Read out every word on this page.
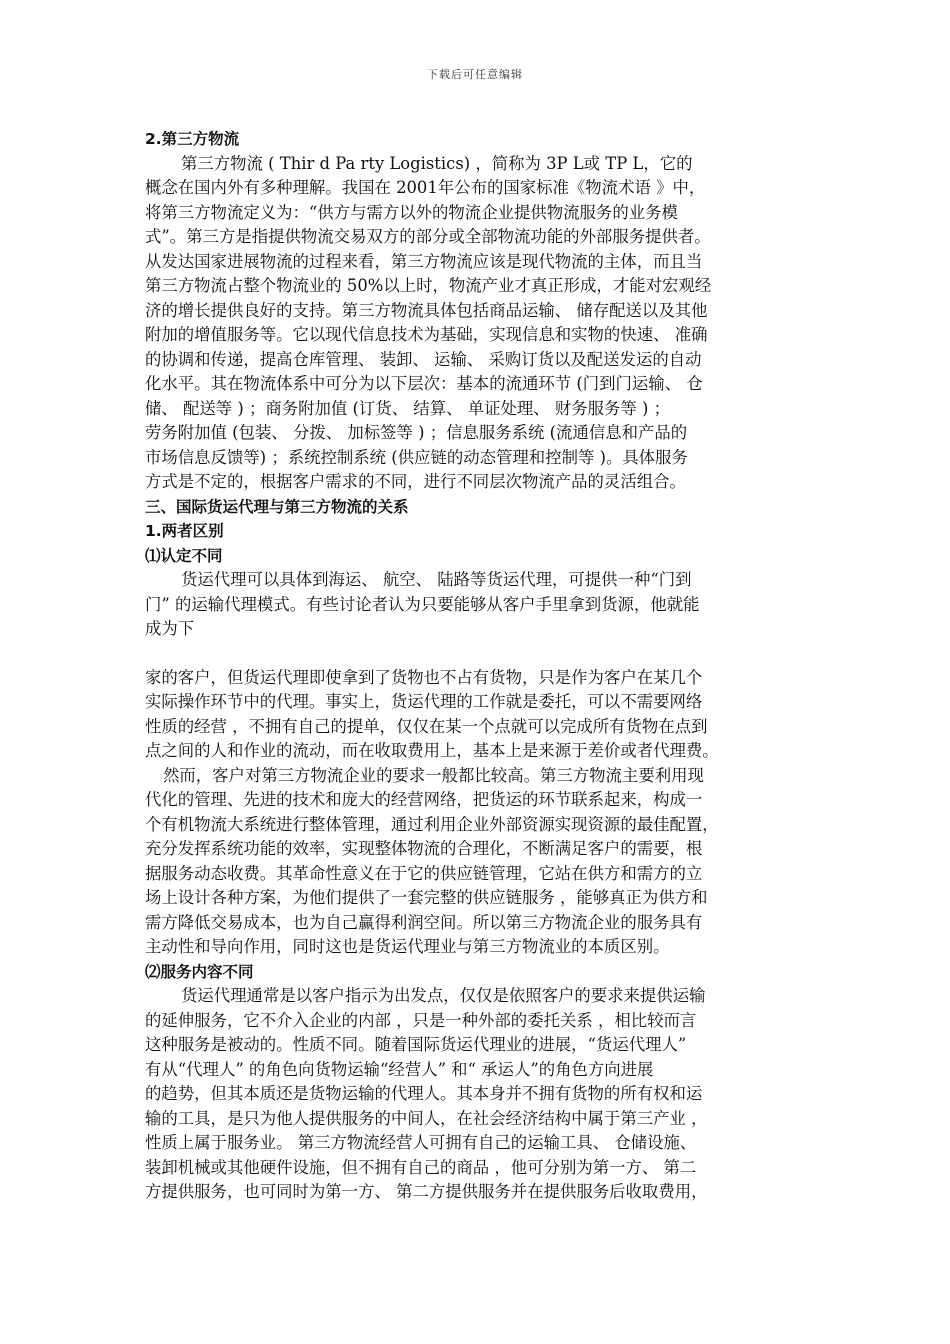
下载后可任意编辑
2.第三方物流
第三方物流 ( Thir d Pa rty Logistics) ，简称为 3P L或 TP L，它的
概念在国内外有多种理解。我国在 2001年公布的国家标准《物流术语 》中，
将第三方物流定义为：“供方与需方以外的物流企业提供物流服务的业务模
式”。第三方是指提供物流交易双方的部分或全部物流功能的外部服务提供者。
从发达国家进展物流的过程来看，第三方物流应该是现代物流的主体，而且当
第三方物流占整个物流业的 50%以上时，物流产业才真正形成，才能对宏观经
济的增长提供良好的支持。第三方物流具体包括商品运输、 储存配送以及其他
附加的增值服务等。它以现代信息技术为基础，实现信息和实物的快速、 准确
的协调和传递，提高仓库管理、 装卸、 运输、 采购订货以及配送发运的自动
化水平。其在物流体系中可分为以下层次：基本的流通环节 (门到门运输、 仓
储、 配送等 ) ；商务附加值 (订货、 结算、 单证处理、 财务服务等 ) ；
劳务附加值 (包装、 分拨、 加标签等 ) ；信息服务系统 (流通信息和产品的
市场信息反馈等) ；系统控制系统 (供应链的动态管理和控制等 )。具体服务
方式是不定的，根据客户需求的不同，进行不同层次物流产品的灵活组合。
三、国际货运代理与第三方物流的关系
1.两者区别
⑴认定不同
货运代理可以具体到海运、 航空、 陆路等货运代理，可提供一种“门到
门” 的运输代理模式。有些讨论者认为只要能够从客户手里拿到货源，他就能
成为下
家的客户，但货运代理即使拿到了货物也不占有货物，只是作为客户在某几个
实际操作环节中的代理。事实上，货运代理的工作就是委托，可以不需要网络
性质的经营 ，不拥有自己的提单，仅仅在某一个点就可以完成所有货物在点到
点之间的人和作业的流动，而在收取费用上，基本上是来源于差价或者代理费。
然而，客户对第三方物流企业的要求一般都比较高。第三方物流主要利用现
代化的管理、先进的技术和庞大的经营网络，把货运的环节联系起来，构成一
个有机物流大系统进行整体管理，通过利用企业外部资源实现资源的最佳配置，
充分发挥系统功能的效率，实现整体物流的合理化，不断满足客户的需要，根
据服务动态收费。其革命性意义在于它的供应链管理，它站在供方和需方的立
场上设计各种方案，为他们提供了一套完整的供应链服务 ，能够真正为供方和
需方降低交易成本，也为自己赢得利润空间。所以第三方物流企业的服务具有
主动性和导向作用，同时这也是货运代理业与第三方物流业的本质区别。
⑵服务内容不同
货运代理通常是以客户指示为出发点，仅仅是依照客户的要求来提供运输
的延伸服务，它不介入企业的内部 ，只是一种外部的委托关系 ，相比较而言
这种服务是被动的。性质不同。随着国际货运代理业的进展，“货运代理人”
有从“代理人” 的角色向货物运输“经营人” 和“ 承运人”的角色方向进展
的趋势，但其本质还是货物运输的代理人。其本身并不拥有货物的所有权和运
输的工具，是只为他人提供服务的中间人，在社会经济结构中属于第三产业 ，
性质上属于服务业。 第三方物流经营人可拥有自己的运输工具、 仓储设施、
装卸机械或其他硬件设施，但不拥有自己的商品 ，他可分别为第一方、 第二
方提供服务，也可同时为第一方、 第二方提供服务并在提供服务后收取费用，
